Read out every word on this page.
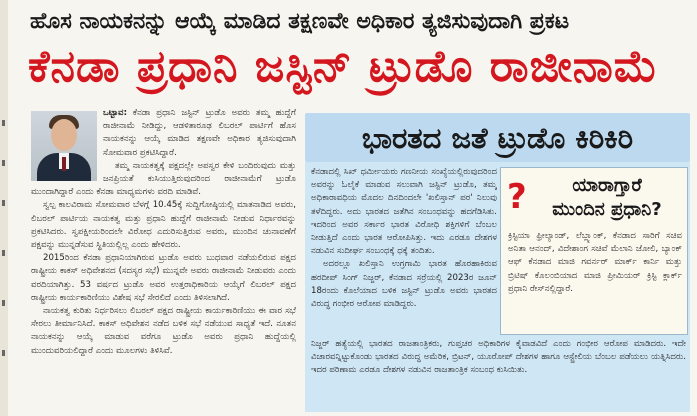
ಹೊಸ ನಾಯಕನನ್ನು ಆಯ್ಕೆ ಮಾಡಿದ ತಕ್ಷಣವೇ ಅಧಿಕಾರ ತ್ಯಜಿಸುವುದಾಗಿ ಪ್ರಕಟ
ಕೆನಡಾ ಪ್ರಧಾನಿ ಜಸ್ಟಿನ್ ಟ್ರುಡೊ ರಾಜೀನಾಮೆ

ಒಟ್ಟಾವ: ಕೆನಡಾ ಪ್ರಧಾನಿ ಜಸ್ಟಿನ್ ಟ್ರುಡೊ ಅವರು ತಮ್ಮ ಹುದ್ದೆಗೆ ರಾಜೀನಾಮೆ ನೀಡಿದ್ದು, ಆಡಳಿತಾರೂಢ ಲಿಬರಲ್ ಪಾರ್ಟಿಗೆ ಹೊಸ ನಾಯಕನನ್ನು ಆಯ್ಕೆ ಮಾಡಿದ ತಕ್ಷಣವೇ ಅಧಿಕಾರ ತ್ಯಜಿಸುವುದಾಗಿ ಸೋಮವಾರ ಪ್ರಕಟಿಸಿದ್ದಾರೆ.

ತಮ್ಮ ನಾಯಕತ್ವಕ್ಕೆ ಪಕ್ಷದಲ್ಲೇ ಅಪಸ್ವರ ಕೇಳಿ ಬಂದಿರುವುದು ಮತ್ತು ಜನಪ್ರಿಯತೆ ಕುಸಿಯುತ್ತಿರುವುದರಿಂದ ರಾಜೀನಾಮೆಗೆ ಟ್ರುಡೊ ಮುಂದಾಗಿದ್ದಾರೆ ಎಂದು ಕೆನಡಾ ಮಾಧ್ಯಮಗಳು ವರದಿ ಮಾಡಿವೆ.

ಸ್ವಲ್ಪ ಕಾಲವಿರಾಮ ಸೋಮವಾರ ಬೆಳಗ್ಗೆ 10.45ಕ್ಕೆ ಸುದ್ದಿಗೋಷ್ಠಿಯಲ್ಲಿ ಮಾತನಾಡಿದ ಅವರು, ಲಿಬರಲ್ ಪಾರ್ಟಿಯ ನಾಯಕತ್ವ ಮತ್ತು ಪ್ರಧಾನಿ ಹುದ್ದೆಗೆ ರಾಜೀನಾಮೆ ನೀಡುವ ನಿರ್ಧಾರವನ್ನು ಪ್ರಕಟಿಸಿದರು. ಸ್ವಪಕ್ಷೀಯರಿಂದಲೇ ವಿರೋಧ ಎದುರಿಸುತ್ತಿರುವ ಅವರು, ಮುಂದಿನ ಚುನಾವಣೆಗೆ ಪಕ್ಷವನ್ನು ಮುನ್ನಡೆಸುವ ಸ್ಥಿತಿಯಲ್ಲಿಲ್ಲ ಎಂದು ಹೇಳಿದರು.

2015ರಿಂದ ಕೆನಡಾ ಪ್ರಧಾನಿಯಾಗಿರುವ ಟ್ರುಡೊ ಅವರು ಬುಧವಾರ ನಡೆಯಲಿರುವ ಪಕ್ಷದ ರಾಷ್ಟ್ರೀಯ ಕಾಕಸ್ ಅಧಿವೇಶನದ (ಸದಸ್ಯರ ಸಭೆ) ಮುನ್ನವೇ ಅವರು ರಾಜೀನಾಮೆ ನೀಡುವರು ಎಂದು ವರದಿಯಾಗಿತ್ತು. 53 ವರ್ಷದ ಟ್ರುಡೊ ಅವರ ಉತ್ತರಾಧಿಕಾರಿಯ ಆಯ್ಕೆಗೆ ಲಿಬರಲ್ ಪಕ್ಷದ ರಾಷ್ಟ್ರೀಯ ಕಾರ್ಯಕಾರಿಣಿಯು ವಿಶೇಷ ಸಭೆ ಸೇರಲಿದೆ ಎಂದು ತಿಳಿಸಲಾಗಿದೆ.

ನಾಯಕತ್ವ ಕುರಿತು ನಿರ್ಧರಿಸಲು ಲಿಬರಲ್ ಪಕ್ಷದ ರಾಷ್ಟ್ರೀಯ ಕಾರ್ಯಕಾರಿಣಿಯು ಈ ವಾರ ಸಭೆ ಸೇರಲು ತೀರ್ಮಾನಿಸಿದೆ. ಕಾಕಸ್ ಅಧಿವೇಶನ ನಡೆದ ಬಳಿಕ ಸಭೆ ನಡೆಯುವ ಸಾಧ್ಯತೆ ಇದೆ. ನೂತನ ನಾಯಕನನ್ನು ಆಯ್ಕೆ ಮಾಡುವ ವರೆಗೂ ಟ್ರುಡೊ ಅವರು ಪ್ರಧಾನಿ ಹುದ್ದೆಯಲ್ಲಿ ಮುಂದುವರಿಯಲಿದ್ದಾರೆ ಎಂದು ಮೂಲಗಳು ತಿಳಿಸಿವೆ.

ಭಾರತದ ಜತೆ ಟ್ರುಡೊ ಕಿರಿಕಿರಿ

ಕೆನಡಾದಲ್ಲಿ ಸಿಖ್ ಧರ್ಮೀಯರು ಗಣನೀಯ ಸಂಖ್ಯೆಯಲ್ಲಿರುವುದರಿಂದ ಅವರನ್ನು ಓಲೈಕೆ ಮಾಡುವ ಸಲುವಾಗಿ ಜಸ್ಟಿನ್ ಟ್ರುಡೊ, ತಮ್ಮ ಅಧಿಕಾರಾವಧಿಯ ಮೊದಲ ದಿನದಿಂದಲೇ 'ಖಲಿಸ್ತಾನ್ ಪರ' ನಿಲುವು ತಳೆದಿದ್ದರು. ಅದು ಭಾರತದ ಜತೆಗಿನ ಸಂಬಂಧವನ್ನು ಹದಗೆಡಿಸಿತು. ಇದರಿಂದ ಅವರ ಸರ್ಕಾರ ಭಾರತ ವಿರೋಧಿ ಶಕ್ತಿಗಳಿಗೆ ಬೆಂಬಲ ನೀಡುತ್ತಿದೆ ಎಂದು ಭಾರತ ಆರೋಪಿಸಿತ್ತು. ಇದು ಎರಡೂ ದೇಶಗಳ ನಡುವಿನ ಸುದೀರ್ಘ ಸಂಬಂಧಕ್ಕೆ ಧಕ್ಕೆ ತಂದಿತು.

ಅದರಲ್ಲೂ ಖಲಿಸ್ತಾನಿ ಉಗ್ರಗಾಮಿ ಭಾರತ ಹೊರಹಾಕಿರುವ ಹರದೀಪ್ ಸಿಂಗ್ ನಿಜ್ಜರ್, ಕೆನಡಾದ ಸರ್ರೆಯಲ್ಲಿ 2023ರ ಜೂನ್ 18ರಂದು ಕೊಲೆಯಾದ ಬಳಿಕ ಜಸ್ಟಿನ್ ಟ್ರುಡೊ ಅವರು ಭಾರತದ ವಿರುದ್ಧ ಗಂಭೀರ ಆರೋಪ ಮಾಡಿದ್ದರು.

?	ಯಾರಾಗ್ತಾರೆ
ಮುಂದಿನ ಪ್ರಧಾನಿ?
ಕ್ರಿಸ್ಟಿಯಾ ಫ್ರೀಲ್ಯಾಂಡ್, ಲೆಬ್ಲ್ಯಾಂಕ್, ಕೆನಡಾದ ಸಾರಿಗೆ ಸಚಿವ ಅನಿತಾ ಆನಂದ್, ವಿದೇಶಾಂಗ ಸಚಿವೆ ಮೆಲಾನಿ ಜೋಲಿ, ಬ್ಯಾಂಕ್ ಆಫ್ ಕೆನಡಾದ ಮಾಜಿ ಗವರ್ನರ್ ಮಾರ್ಕ್ ಕಾರ್ನಿ ಮತ್ತು ಬ್ರಿಟಿಷ್ ಕೊಲಂಬಿಯಾದ ಮಾಜಿ ಪ್ರೀಮಿಯರ್ ಕ್ರಿಸ್ಟಿ ಕ್ಲಾರ್ಕ್ ಪ್ರಧಾನಿ ರೇಸ್‌ನಲ್ಲಿದ್ದಾರೆ.

ನಿಜ್ಜರ್ ಹತ್ಯೆಯಲ್ಲಿ ಭಾರತದ ರಾಜತಾಂತ್ರಿಕರು, ಗುಪ್ತಚರ ಅಧಿಕಾರಿಗಳ ಕೈವಾಡವಿದೆ ಎಂದು ಗಂಭೀರ ಆರೋಪ ಮಾಡಿದರು. ಇದೇ ವಿಚಾರವನ್ನಿಟ್ಟುಕೊಂಡು ಭಾರತದ ವಿರುದ್ಧ ಅಮೆರಿಕ, ಬ್ರಿಟನ್, ಯೂರೋಪ್ ದೇಶಗಳ ಹಾಗೂ ಆಸ್ಟ್ರೇಲಿಯ ಬೆಂಬಲ ಪಡೆಯಲು ಯತ್ನಿಸಿದರು. ಇದರ ಪರಿಣಾಮ ಎರಡೂ ದೇಶಗಳ ನಡುವಿನ ರಾಜತಾಂತ್ರಿಕ ಸಂಬಂಧ ಕುಸಿಯಿತು.
